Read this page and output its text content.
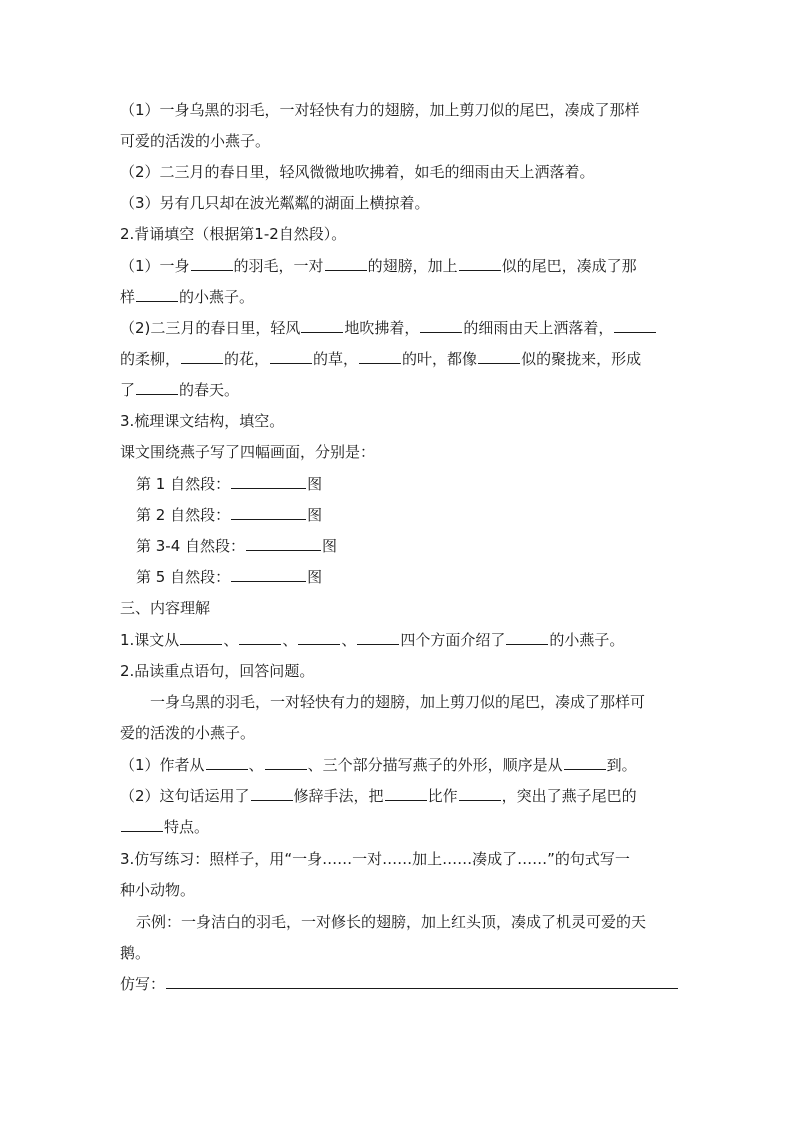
（1）一身乌黑的羽毛，一对轻快有力的翅膀，加上剪刀似的尾巴，凑成了那样
可爱的活泼的小燕子。
（2）二三月的春日里，轻风微微地吹拂着，如毛的细雨由天上洒落着。
（3）另有几只却在波光粼粼的湖面上横掠着。
2.背诵填空（根据第1-2自然段）。
（1）一身	的羽毛，一对	的翅膀，加上	似的尾巴，凑成了那
样	的小燕子。
（2)二三月的春日里，轻风	地吹拂着，	的细雨由天上洒落着，
的柔柳，	的花，	的草，	的叶，都像	似的聚拢来，形成
了	的春天。
3.梳理课文结构，填空。
课文围绕燕子写了四幅画面，分别是：
第 1 自然段：	图
第 2 自然段：	图
第 3-4 自然段：	图
第 5 自然段：	图
三、内容理解
1.课文从	、	、	、	四个方面介绍了	的小燕子。
2.品读重点语句，回答问题。
一身乌黑的羽毛，一对轻快有力的翅膀，加上剪刀似的尾巴，凑成了那样可
爱的活泼的小燕子。
（1）作者从	、	、三个部分描写燕子的外形，顺序是从	到。
（2）这句话运用了	修辞手法，把	比作	，突出了燕子尾巴的
特点。
3.仿写练习：照样子，用“一身……一对……加上……凑成了……”的句式写一
种小动物。
示例：一身洁白的羽毛，一对修长的翅膀，加上红头顶，凑成了机灵可爱的天
鹅。
仿写：
